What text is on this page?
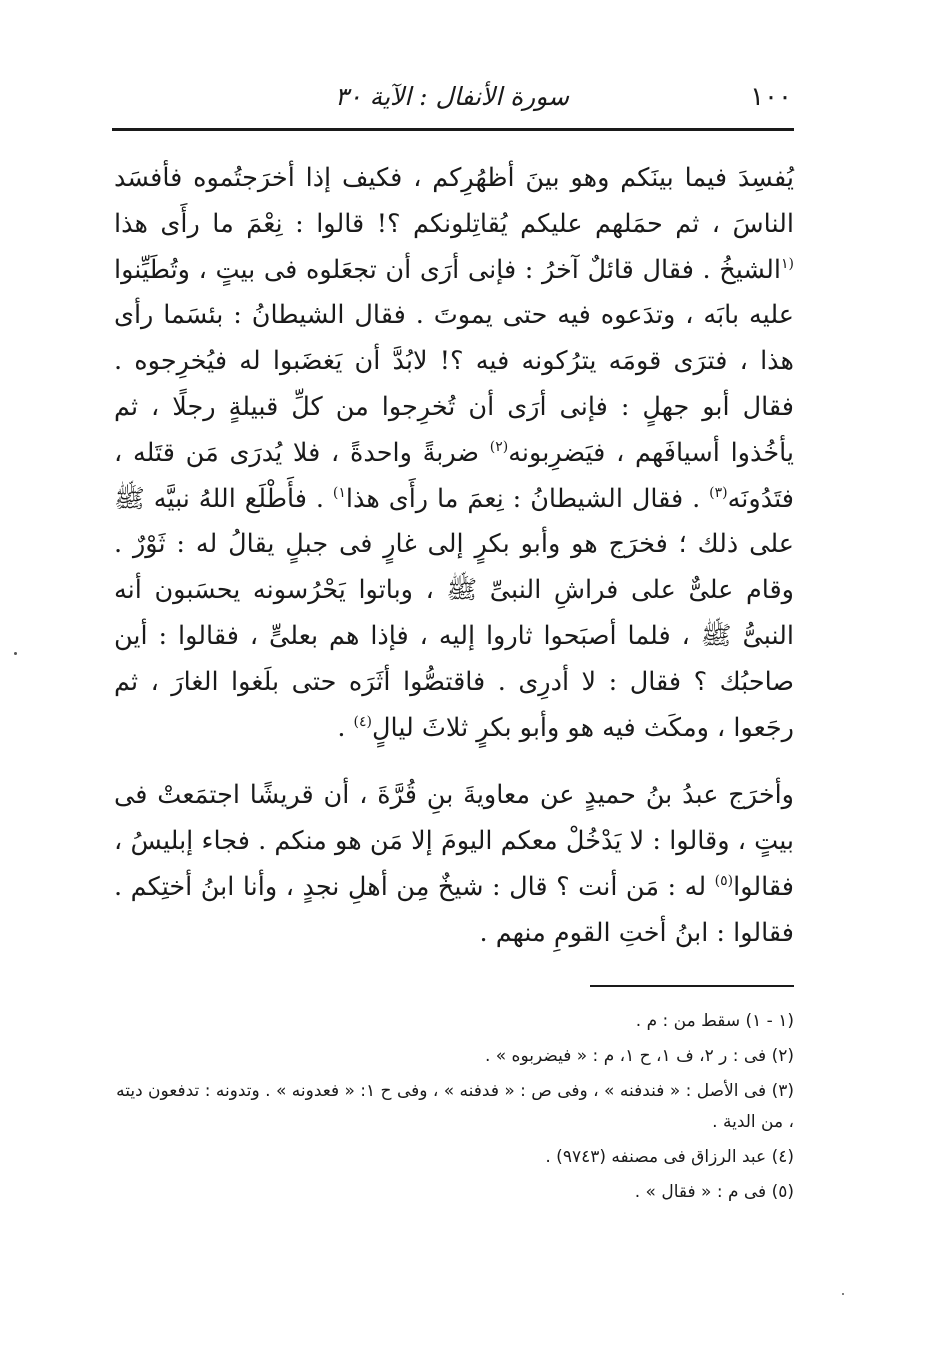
١٠٠
سورة الأنفال : الآية ٣٠

يُفسِدَ فيما بينَكم وهو بينَ أظهُرِكم ، فكيف إذا أخرَجتُموه فأفسَد الناسَ ، ثم حمَلهم عليكم يُقاتِلونكم ؟! قالوا : نِعْمَ ما رأَى هذا $^{(١}$الشيخُ . فقال قائلٌ آخرُ : فإنى أرَى أن تجعَلوه فى بيتٍ ، وتُطَيِّنوا عليه بابَه ، وتدَعوه فيه حتى يموتَ . فقال الشيطانُ : بئسَما رأى هذا ، فترَى قومَه يترُكونه فيه ؟! لابُدَّ أن يَغضَبوا له فيُخرِجوه . فقال أبو جهلٍ : فإنى أرَى أن تُخرِجوا من كلِّ قبيلةٍ رجلًا ، ثم يأخُذوا أسيافَهم ، فيَضرِبونه$^{(٢)}$ ضربةً واحدةً ، فلا يُدرَى مَن قتَله ، فتَدُونَه$^{(٣)}$ . فقال الشيطانُ : نِعمَ ما رأَى هذا$^{١)}$ . فأَطْلَع اللهُ نبيَّه ﷺ على ذلك ؛ فخرَج هو وأبو بكرٍ إلى غارٍ فى جبلٍ يقالُ له : ثَوْرٌ . وقام علىٌّ على فراشِ النبىِّ ﷺ ، وباتوا يَحْرُسونه يحسَبون أنه النبىُّ ﷺ ، فلما أصبَحوا ثاروا إليه ، فإذا هم بعلىٍّ ، فقالوا : أين صاحبُك ؟ فقال : لا أدرِى . فاقتصُّوا أثَرَه حتى بلَغوا الغارَ ، ثم رجَعوا ، ومكَث فيه هو وأبو بكرٍ ثلاثَ ليالٍ$^{(٤)}$ .

وأخرَج عبدُ بنُ حميدٍ عن معاويةَ بنِ قُرَّةَ ، أن قريشًا اجتمَعتْ فى بيتٍ ، وقالوا : لا يَدْخُلْ معكم اليومَ إلا مَن هو منكم . فجاء إبليسُ ، فقالوا$^{(٥)}$ له : مَن أنت ؟ قال : شيخٌ مِن أهلِ نجدٍ ، وأنا ابنُ أختِكم . فقالوا : ابنُ أختِ القومِ منهم .

(١ - ١) سقط من : م .

(٢) فى : ر ٢، ف ١، ح ١، م : « فيضربوه » .

(٣) فى الأصل : « فندفنه » ، وفى ص : « فدفنه » ، وفى ح ١: « فعدونه » . وتدونه : تدفعون ديته ، من الدية .

(٤) عبد الرزاق فى مصنفه (٩٧٤٣) .

(٥) فى م : « فقال » .
